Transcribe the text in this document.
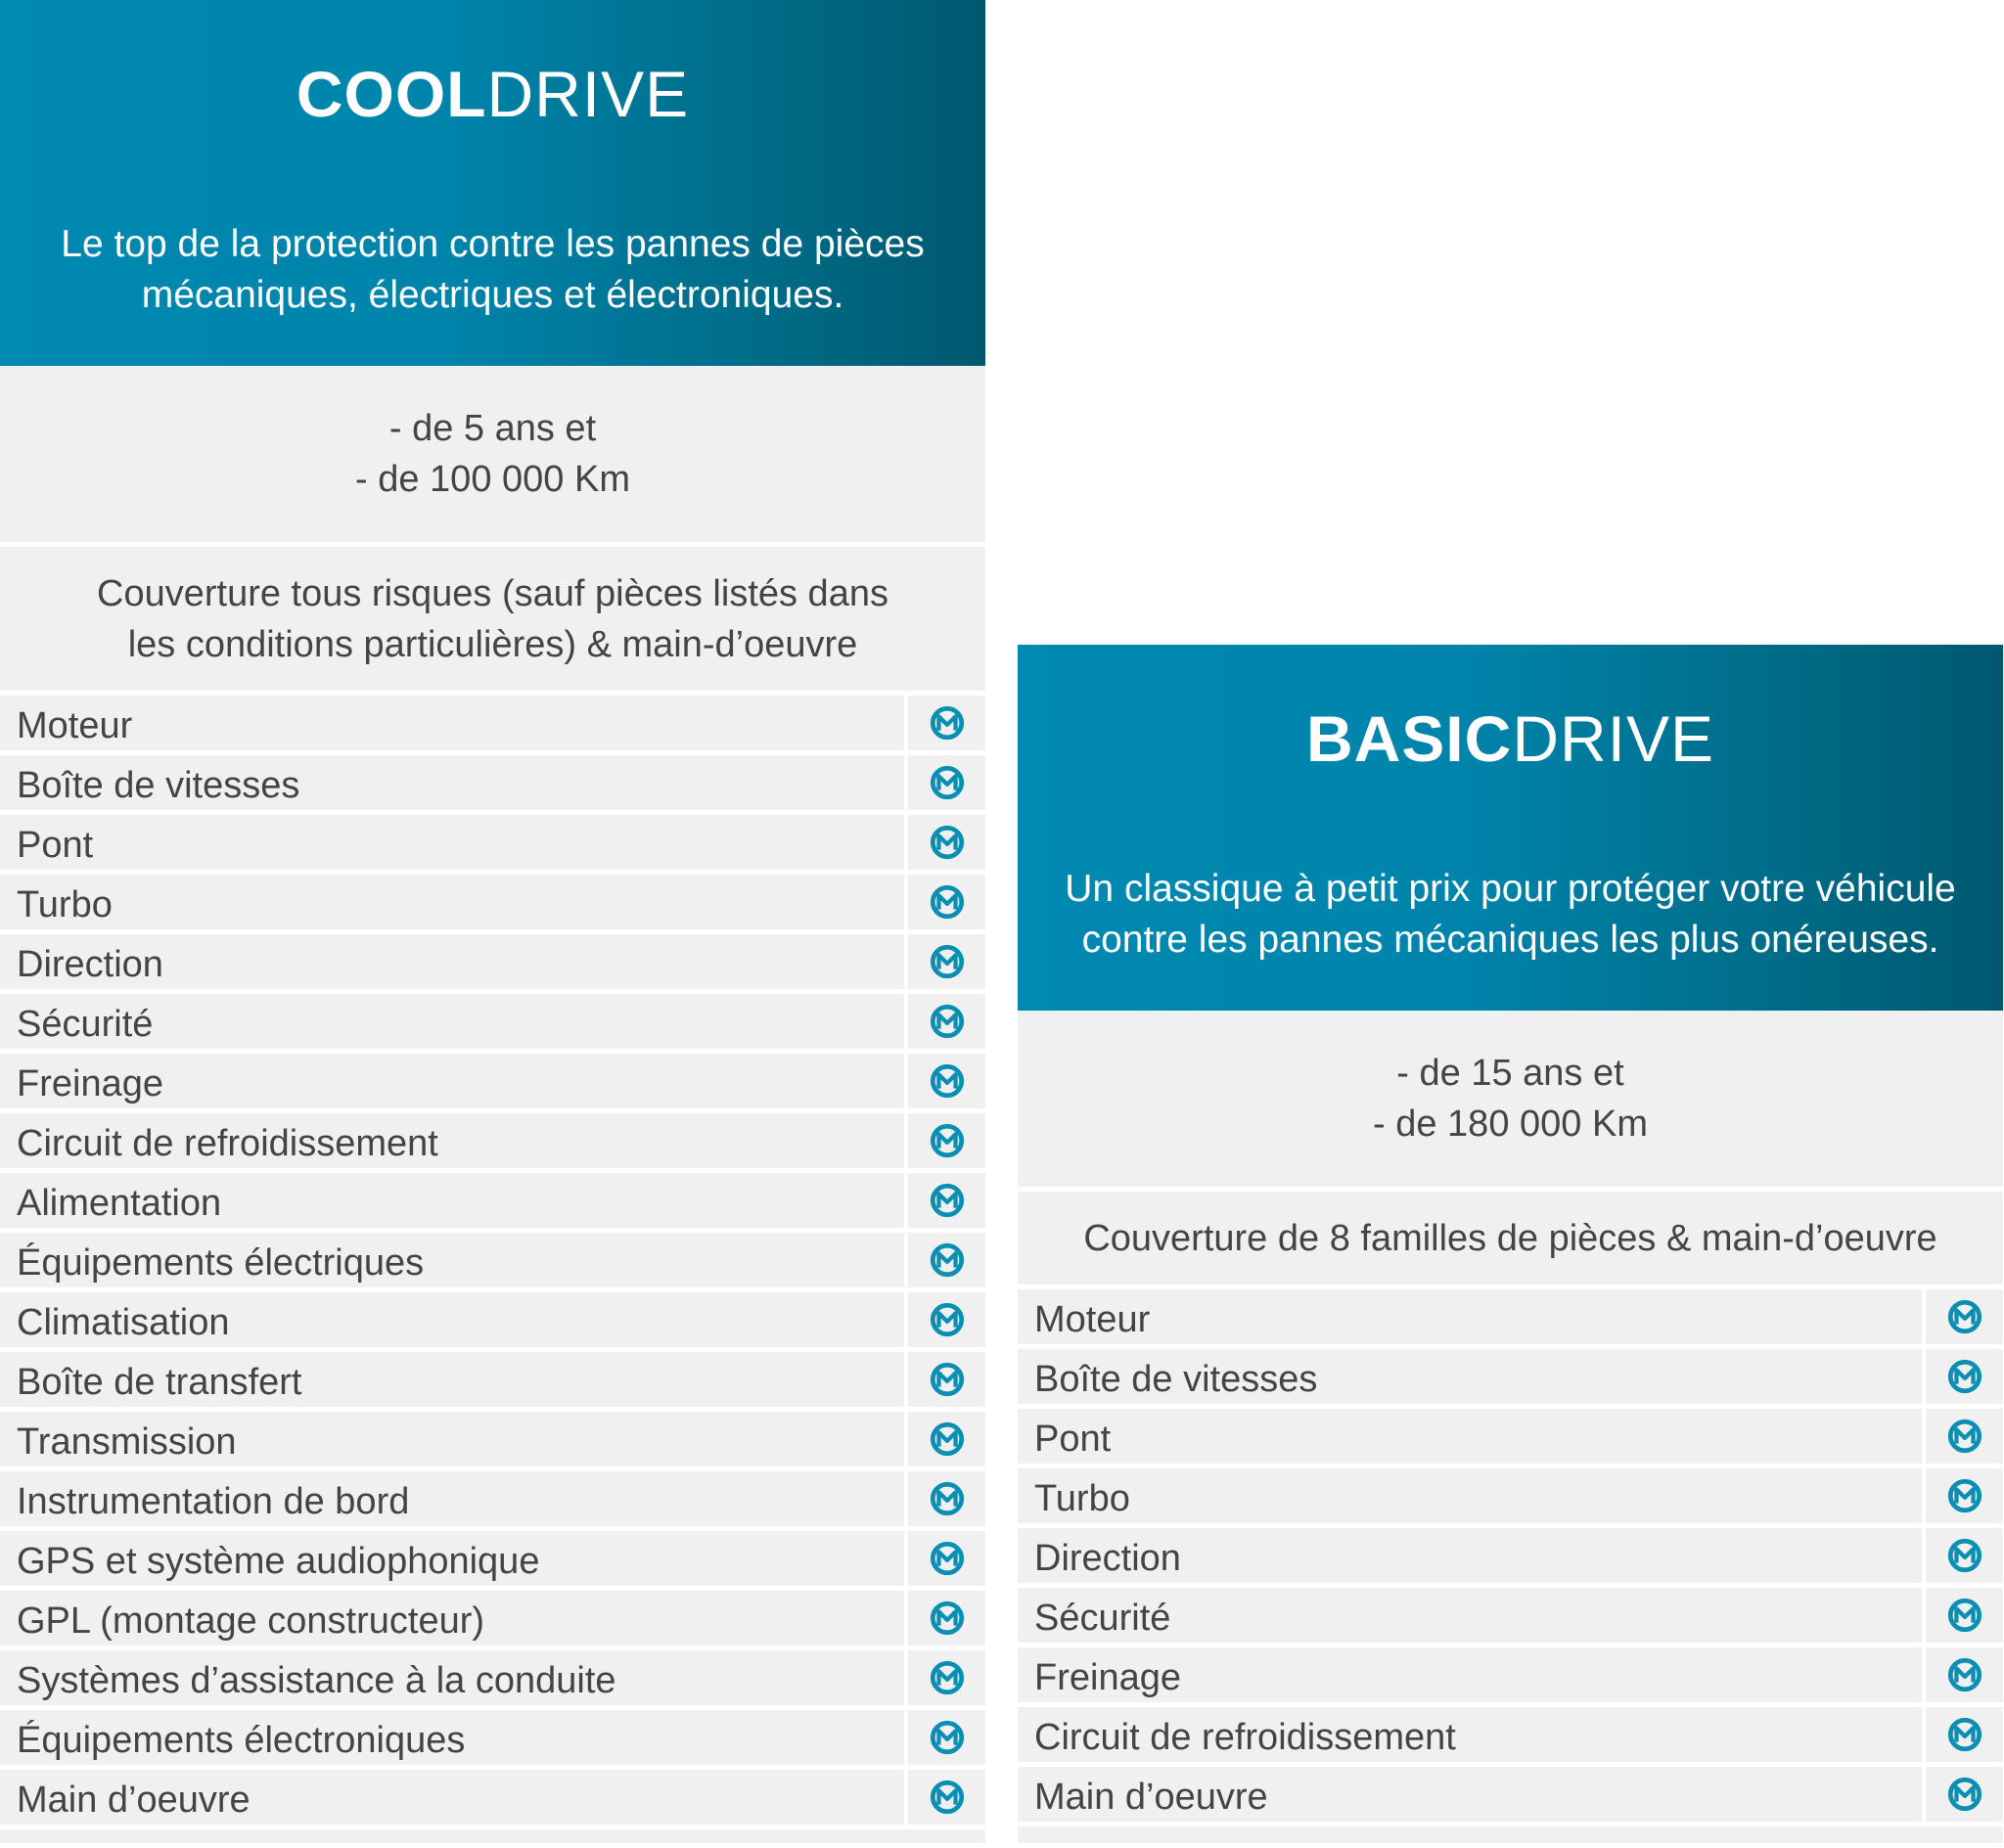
COOLDRIVE
Le top de la protection contre les pannes de pièces
mécaniques, électriques et électroniques.
- de 5 ans et
- de 100 000 Km
Couverture tous risques (sauf pièces listés dans
les conditions particulières) & main-d’oeuvre
Moteur
Boîte de vitesses
Pont
Turbo
Direction
Sécurité
Freinage
Circuit de refroidissement
Alimentation
Équipements électriques
Climatisation
Boîte de transfert
Transmission
Instrumentation de bord
GPS et système audiophonique
GPL (montage constructeur)
Systèmes d’assistance à la conduite
Équipements électroniques
Main d’oeuvre
BASICDRIVE
Un classique à petit prix pour protéger votre véhicule
contre les pannes mécaniques les plus onéreuses.
- de 15 ans et
- de 180 000 Km
Couverture de 8 familles de pièces & main-d’oeuvre
Moteur
Boîte de vitesses
Pont
Turbo
Direction
Sécurité
Freinage
Circuit de refroidissement
Main d’oeuvre
